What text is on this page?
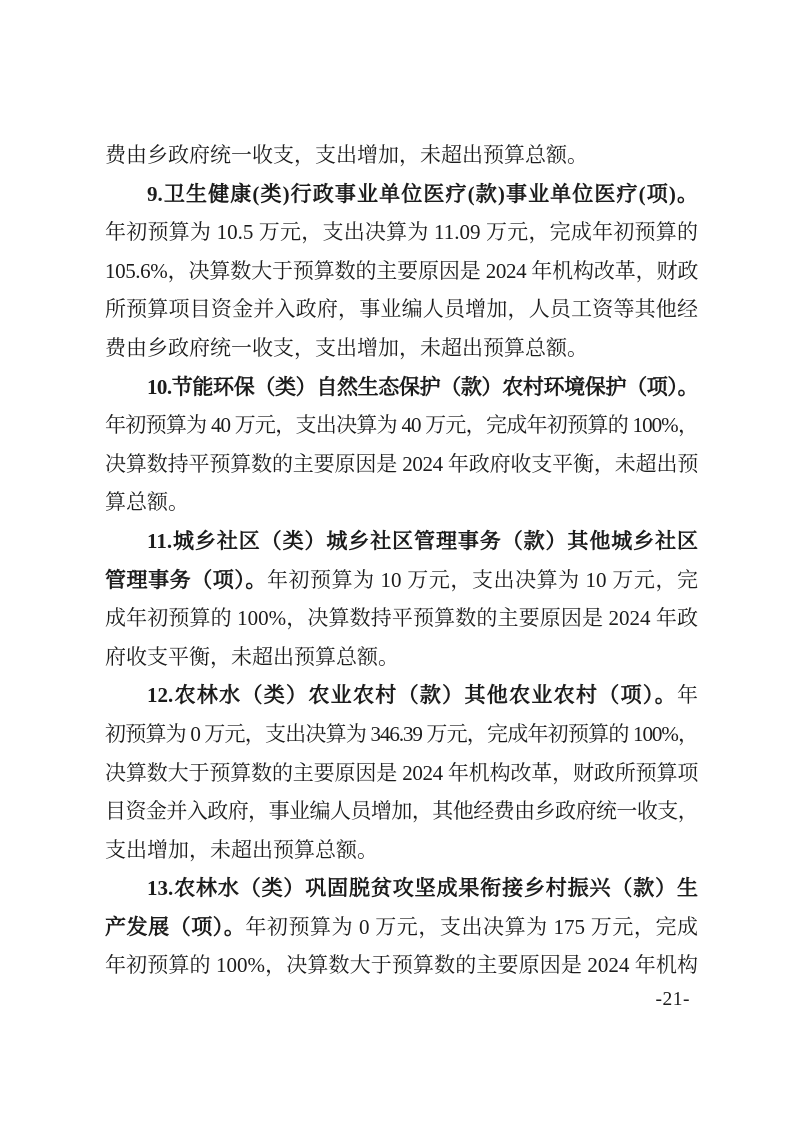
费由乡政府统一收支，支出增加，未超出预算总额。
9.卫生健康(类)行政事业单位医疗(款)事业单位医疗(项)。
年初预算为 10.5 万元，支出决算为 11.09 万元，完成年初预算的
105.6%，决算数大于预算数的主要原因是 2024 年机构改革，财政
所预算项目资金并入政府，事业编人员增加，人员工资等其他经
费由乡政府统一收支，支出增加，未超出预算总额。
10.节能环保（类）自然生态保护（款）农村环境保护（项）。
年初预算为 40 万元，支出决算为 40 万元，完成年初预算的 100%，
决算数持平预算数的主要原因是 2024 年政府收支平衡，未超出预
算总额。
11.城乡社区（类）城乡社区管理事务（款）其他城乡社区
管理事务（项）。年初预算为 10 万元，支出决算为 10 万元，完
成年初预算的 100%，决算数持平预算数的主要原因是 2024 年政
府收支平衡，未超出预算总额。
12.农林水（类）农业农村（款）其他农业农村（项）。年
初预算为 0 万元，支出决算为 346.39 万元，完成年初预算的 100%，
决算数大于预算数的主要原因是 2024 年机构改革，财政所预算项
目资金并入政府，事业编人员增加，其他经费由乡政府统一收支，
支出增加，未超出预算总额。
13.农林水（类）巩固脱贫攻坚成果衔接乡村振兴（款）生
产发展（项）。年初预算为 0 万元，支出决算为 175 万元，完成
年初预算的 100%，决算数大于预算数的主要原因是 2024 年机构
-21-
